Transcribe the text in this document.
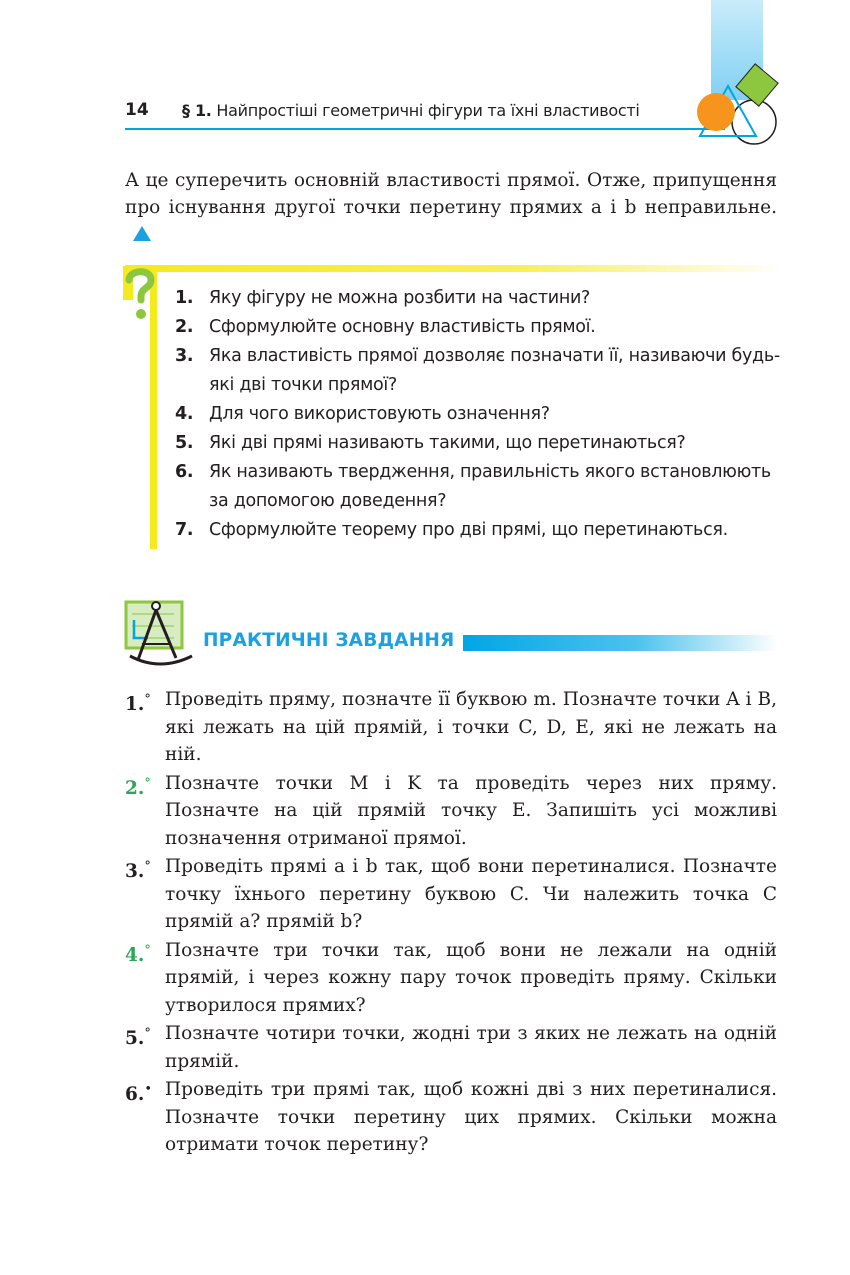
14 § 1. Найпростіші геометричні фігури та їхні властивості

А це суперечить основній властивості прямої. Отже, припущення про існування другої точки перетину прямих a і b неправильне.

1. Яку фігуру не можна розбити на частини?
2. Сформулюйте основну властивість прямої.
3. Яка властивість прямої дозволяє позначати її, називаючи будь-які дві точки прямої?
4. Для чого використовують означення?
5. Які дві прямі називають такими, що перетинаються?
6. Як називають твердження, правильність якого встановлюють за допомогою доведення?
7. Сформулюйте теорему про дві прямі, що перетинаються.
ПРАКТИЧНІ ЗАВДАННЯ
1.° Проведіть пряму, позначте її буквою m. Позначте точки A і B, які лежать на цій прямій, і точки C, D, E, які не лежать на ній.
2.° Позначте точки M і K та проведіть через них пряму. Позначте на цій прямій точку E. Запишіть усі можливі позначення отриманої прямої.
3.° Проведіть прямі a і b так, щоб вони перетиналися. Позначте точку їхнього перетину буквою C. Чи належить точка C прямій a? прямій b?
4.° Позначте три точки так, щоб вони не лежали на одній прямій, і через кожну пару точок проведіть пряму. Скільки утворилося прямих?
5.° Позначте чотири точки, жодні три з яких не лежать на одній прямій.
6.• Проведіть три прямі так, щоб кожні дві з них перетиналися. Позначте точки перетину цих прямих. Скільки можна отримати точок перетину?
